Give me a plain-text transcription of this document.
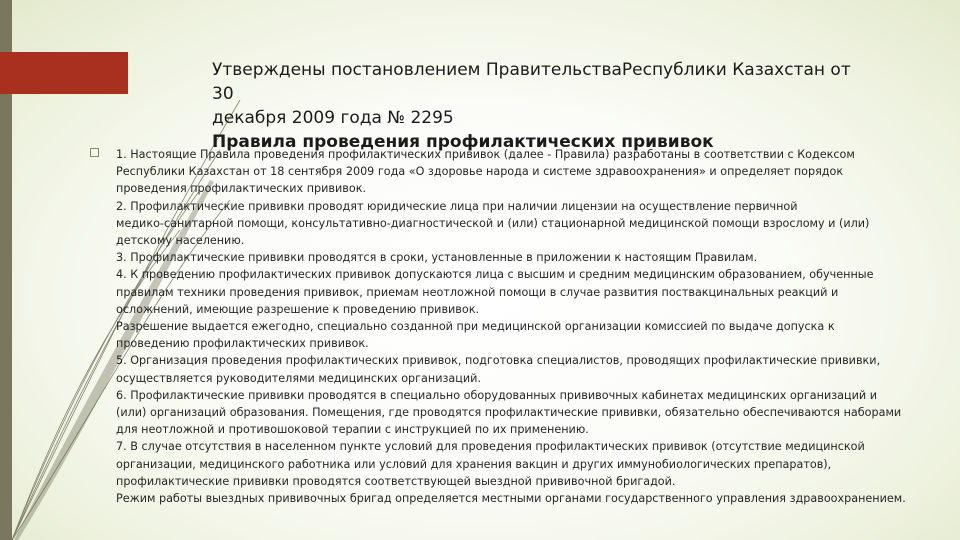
Утверждены постановлением ПравительстваРеспублики Казахстан от 30
декабря 2009 года № 2295
Правила проведения профилактических прививок
1. Настоящие Правила проведения профилактических прививок (далее - Правила) разработаны в соответствии с Кодексом
Республики Казахстан от 18 сентября 2009 года «О здоровье народа и системе здравоохранения» и определяет порядок
проведения профилактических прививок.
2. Профилактические прививки проводят юридические лица при наличии лицензии на осуществление первичной
медико-санитарной помощи, консультативно-диагностической и (или) стационарной медицинской помощи взрослому и (или)
детскому населению.
3. Профилактические прививки проводятся в сроки, установленные в приложении к настоящим Правилам.
4. К проведению профилактических прививок допускаются лица с высшим и средним медицинским образованием, обученные
правилам техники проведения прививок, приемам неотложной помощи в случае развития поствакцинальных реакций и
осложнений, имеющие разрешение к проведению прививок.
Разрешение выдается ежегодно, специально созданной при медицинской организации комиссией по выдаче допуска к
проведению профилактических прививок.
5. Организация проведения профилактических прививок, подготовка специалистов, проводящих профилактические прививки,
осуществляется руководителями медицинских организаций.
6. Профилактические прививки проводятся в специально оборудованных прививочных кабинетах медицинских организаций и
(или) организаций образования. Помещения, где проводятся профилактические прививки, обязательно обеспечиваются наборами
для неотложной и противошоковой терапии с инструкцией по их применению.
7. В случае отсутствия в населенном пункте условий для проведения профилактических прививок (отсутствие медицинской
организации, медицинского работника или условий для хранения вакцин и других иммунобиологических препаратов),
профилактические прививки проводятся соответствующей выездной прививочной бригадой.
Режим работы выездных прививочных бригад определяется местными органами государственного управления здравоохранением.
